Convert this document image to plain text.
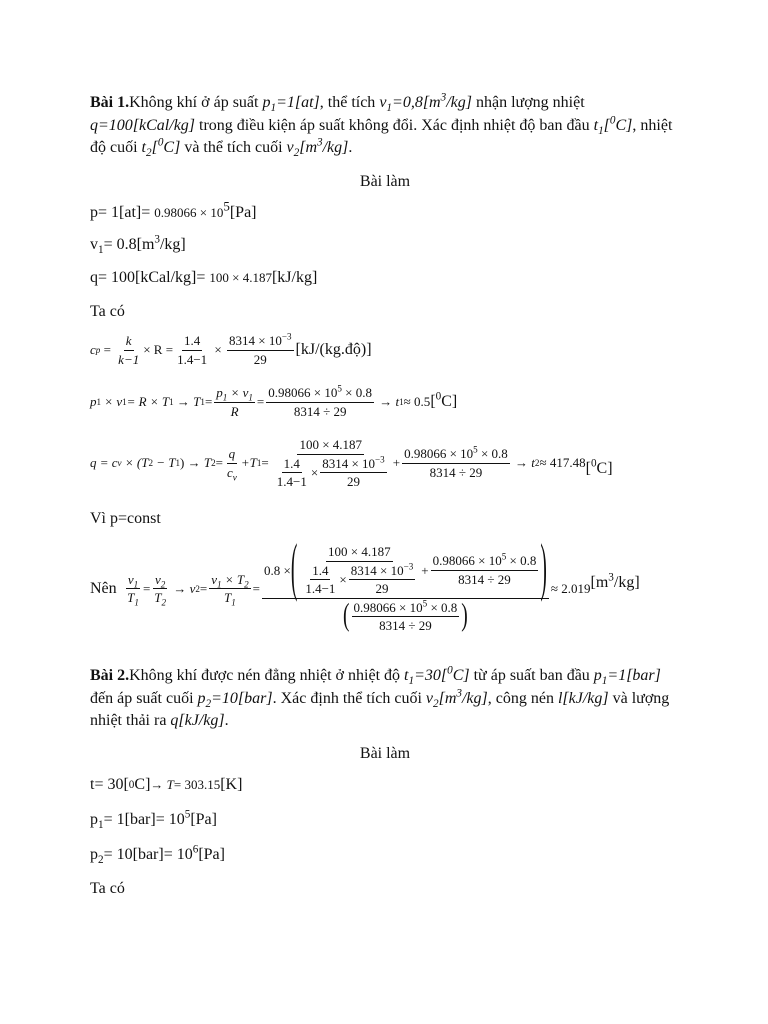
Bài 1.Không khí ở áp suất $p_1=1[at]$, thể tích $v_1=0,8[m^3/kg]$ nhận lượng nhiệt q=100[kCal/kg] trong điều kiện áp suất không đổi. Xác định nhiệt độ ban đầu $t_1[^0C]$, nhiệt độ cuối $t_2[^0C]$ và thể tích cuối $v_2[m^3/kg]$.

Bài làm

$p= 1[at]= 0.98066 \times 10^5[Pa]$
$v_1= 0.8[m^3/kg]$
q= 100[kCal/kg]= 100 × 4.187[kJ/kg]
Ta có
c $p = \frac{k}{k-1} \times R = \frac{1.4}{1.4-1} \times \frac{8314 \times 10^{-3}}{29}$ [kJ/(kg.độ)]
p 1
× v 1 = R × T 1
→ T $1 = \frac{p_1 \times v_1}{R} = \frac{0.98066 \times 10^5 \times 0.8}{8314 \div 29}$
→ t 1 ≈ 0.5 [$^0$C]
q = c v
× (T 2
− T 1 )
→ T $2 = \frac{q}{c_v} +T$ $1 = \frac{100 \times 4.187}{\frac{1.4}{1.4-1} \times \frac{8314 \times 10^{-3}}{29}} + \frac{0.98066 \times 10^5 \times 0.8}{8314 \div 29}$
→ t 2 ≈ 417.48 [$^0$C]
Vì p=const
Nên
$\frac{v_1}{T_1} = \frac{v_2}{T_2}$
→ v $2 = \frac{v_1 \times T_2}{T_1}$ =
0.8 × ( $\frac{100 \times 4.187}{\frac{1.4}{1.4-1} \times \frac{8314 \times 10^{-3}}{29}} + \frac{0.98066 \times 10^5 \times 0.8}{8314 \div 29}$ )
( $\frac{0.98066 \times 10^5 \times 0.8}{8314 \div 29}$ )
≈ 2.019 $[m^3/kg]$

Bài 2.Không khí được nén đẳng nhiệt ở nhiệt độ $t_1=30[^0C]$ từ áp suất ban đầu $p_1=1[bar]$ đến áp suất cuối $p_2=10[bar]$. Xác định thể tích cuối $v_2[m^3/kg]$, công nén l[kJ/kg] và lượng nhiệt thải ra q[kJ/kg].

Bài làm

t= 30[ 0 C] →
T = 303.15 [K]
$p_1= 1[bar]= 10^5[Pa]$
$p_2= 10[bar]= 10^6[Pa]$
Ta có
